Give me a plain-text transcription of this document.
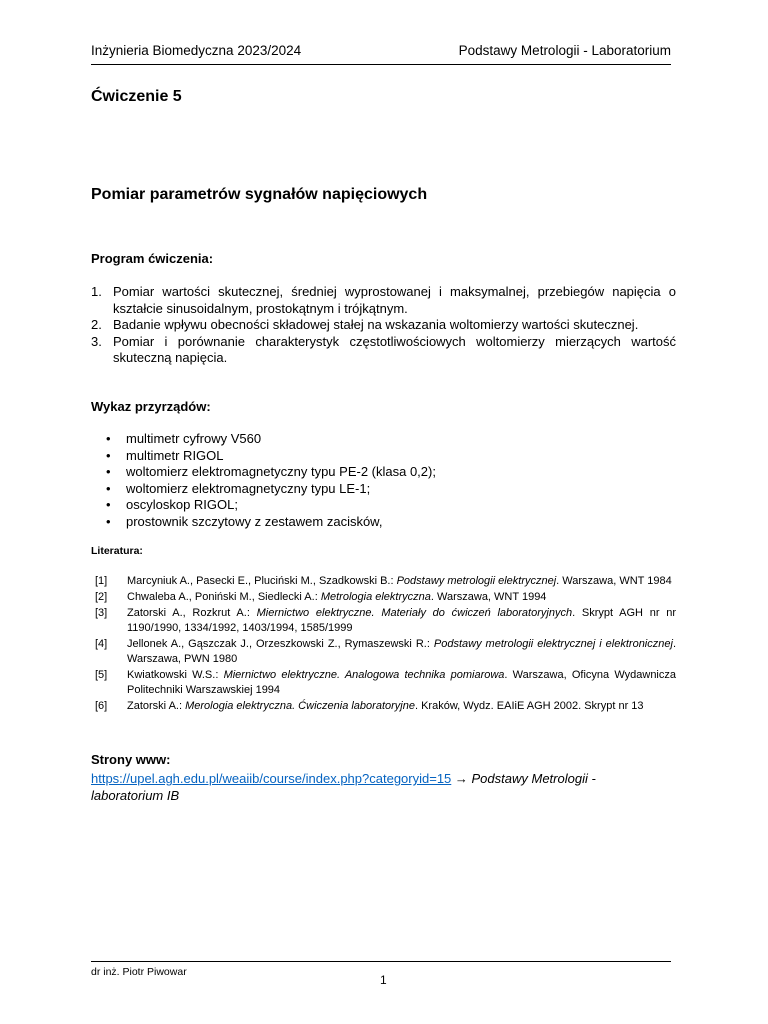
Inżynieria Biomedyczna 2023/2024	Podstawy Metrologii - Laboratorium
Ćwiczenie 5
Pomiar parametrów sygnałów napięciowych
Program ćwiczenia:
1. Pomiar wartości skutecznej, średniej wyprostowanej i maksymalnej, przebiegów napięcia o kształcie sinusoidalnym, prostokątnym i trójkątnym.
2. Badanie wpływu obecności składowej stałej na wskazania woltomierzy wartości skutecznej.
3. Pomiar i porównanie charakterystyk częstotliwościowych woltomierzy mierzących wartość skuteczną napięcia.
Wykaz przyrządów:
•	multimetr cyfrowy V560
•	multimetr RIGOL
•	woltomierz elektromagnetyczny typu PE-2 (klasa 0,2);
•	woltomierz elektromagnetyczny typu LE-1;
•	oscyloskop RIGOL;
•	prostownik szczytowy z zestawem zacisków,
Literatura:
[1]	Marcyniuk A., Pasecki E., Pluciński M., Szadkowski B.: Podstawy metrologii elektrycznej. Warszawa, WNT 1984
[2]	Chwaleba A., Poniński M., Siedlecki A.: Metrologia elektryczna. Warszawa, WNT 1994
[3]	Zatorski A., Rozkrut A.: Miernictwo elektryczne. Materiały do ćwiczeń laboratoryjnych. Skrypt AGH nr nr 1190/1990, 1334/1992, 1403/1994, 1585/1999
[4]	Jellonek A., Gąszczak J., Orzeszkowski Z., Rymaszewski R.: Podstawy metrologii elektrycznej i elektronicznej. Warszawa, PWN 1980
[5]	Kwiatkowski W.S.: Miernictwo elektryczne. Analogowa technika pomiarowa. Warszawa, Oficyna Wydawnicza Politechniki Warszawskiej 1994
[6]	Zatorski A.: Merologia elektryczna. Ćwiczenia laboratoryjne. Kraków, Wydz. EAIiE AGH 2002. Skrypt nr 13
Strony www:
https://upel.agh.edu.pl/weaiib/course/index.php?categoryid=15 → Podstawy Metrologii - laboratorium IB
dr inż. Piotr Piwowar
1
